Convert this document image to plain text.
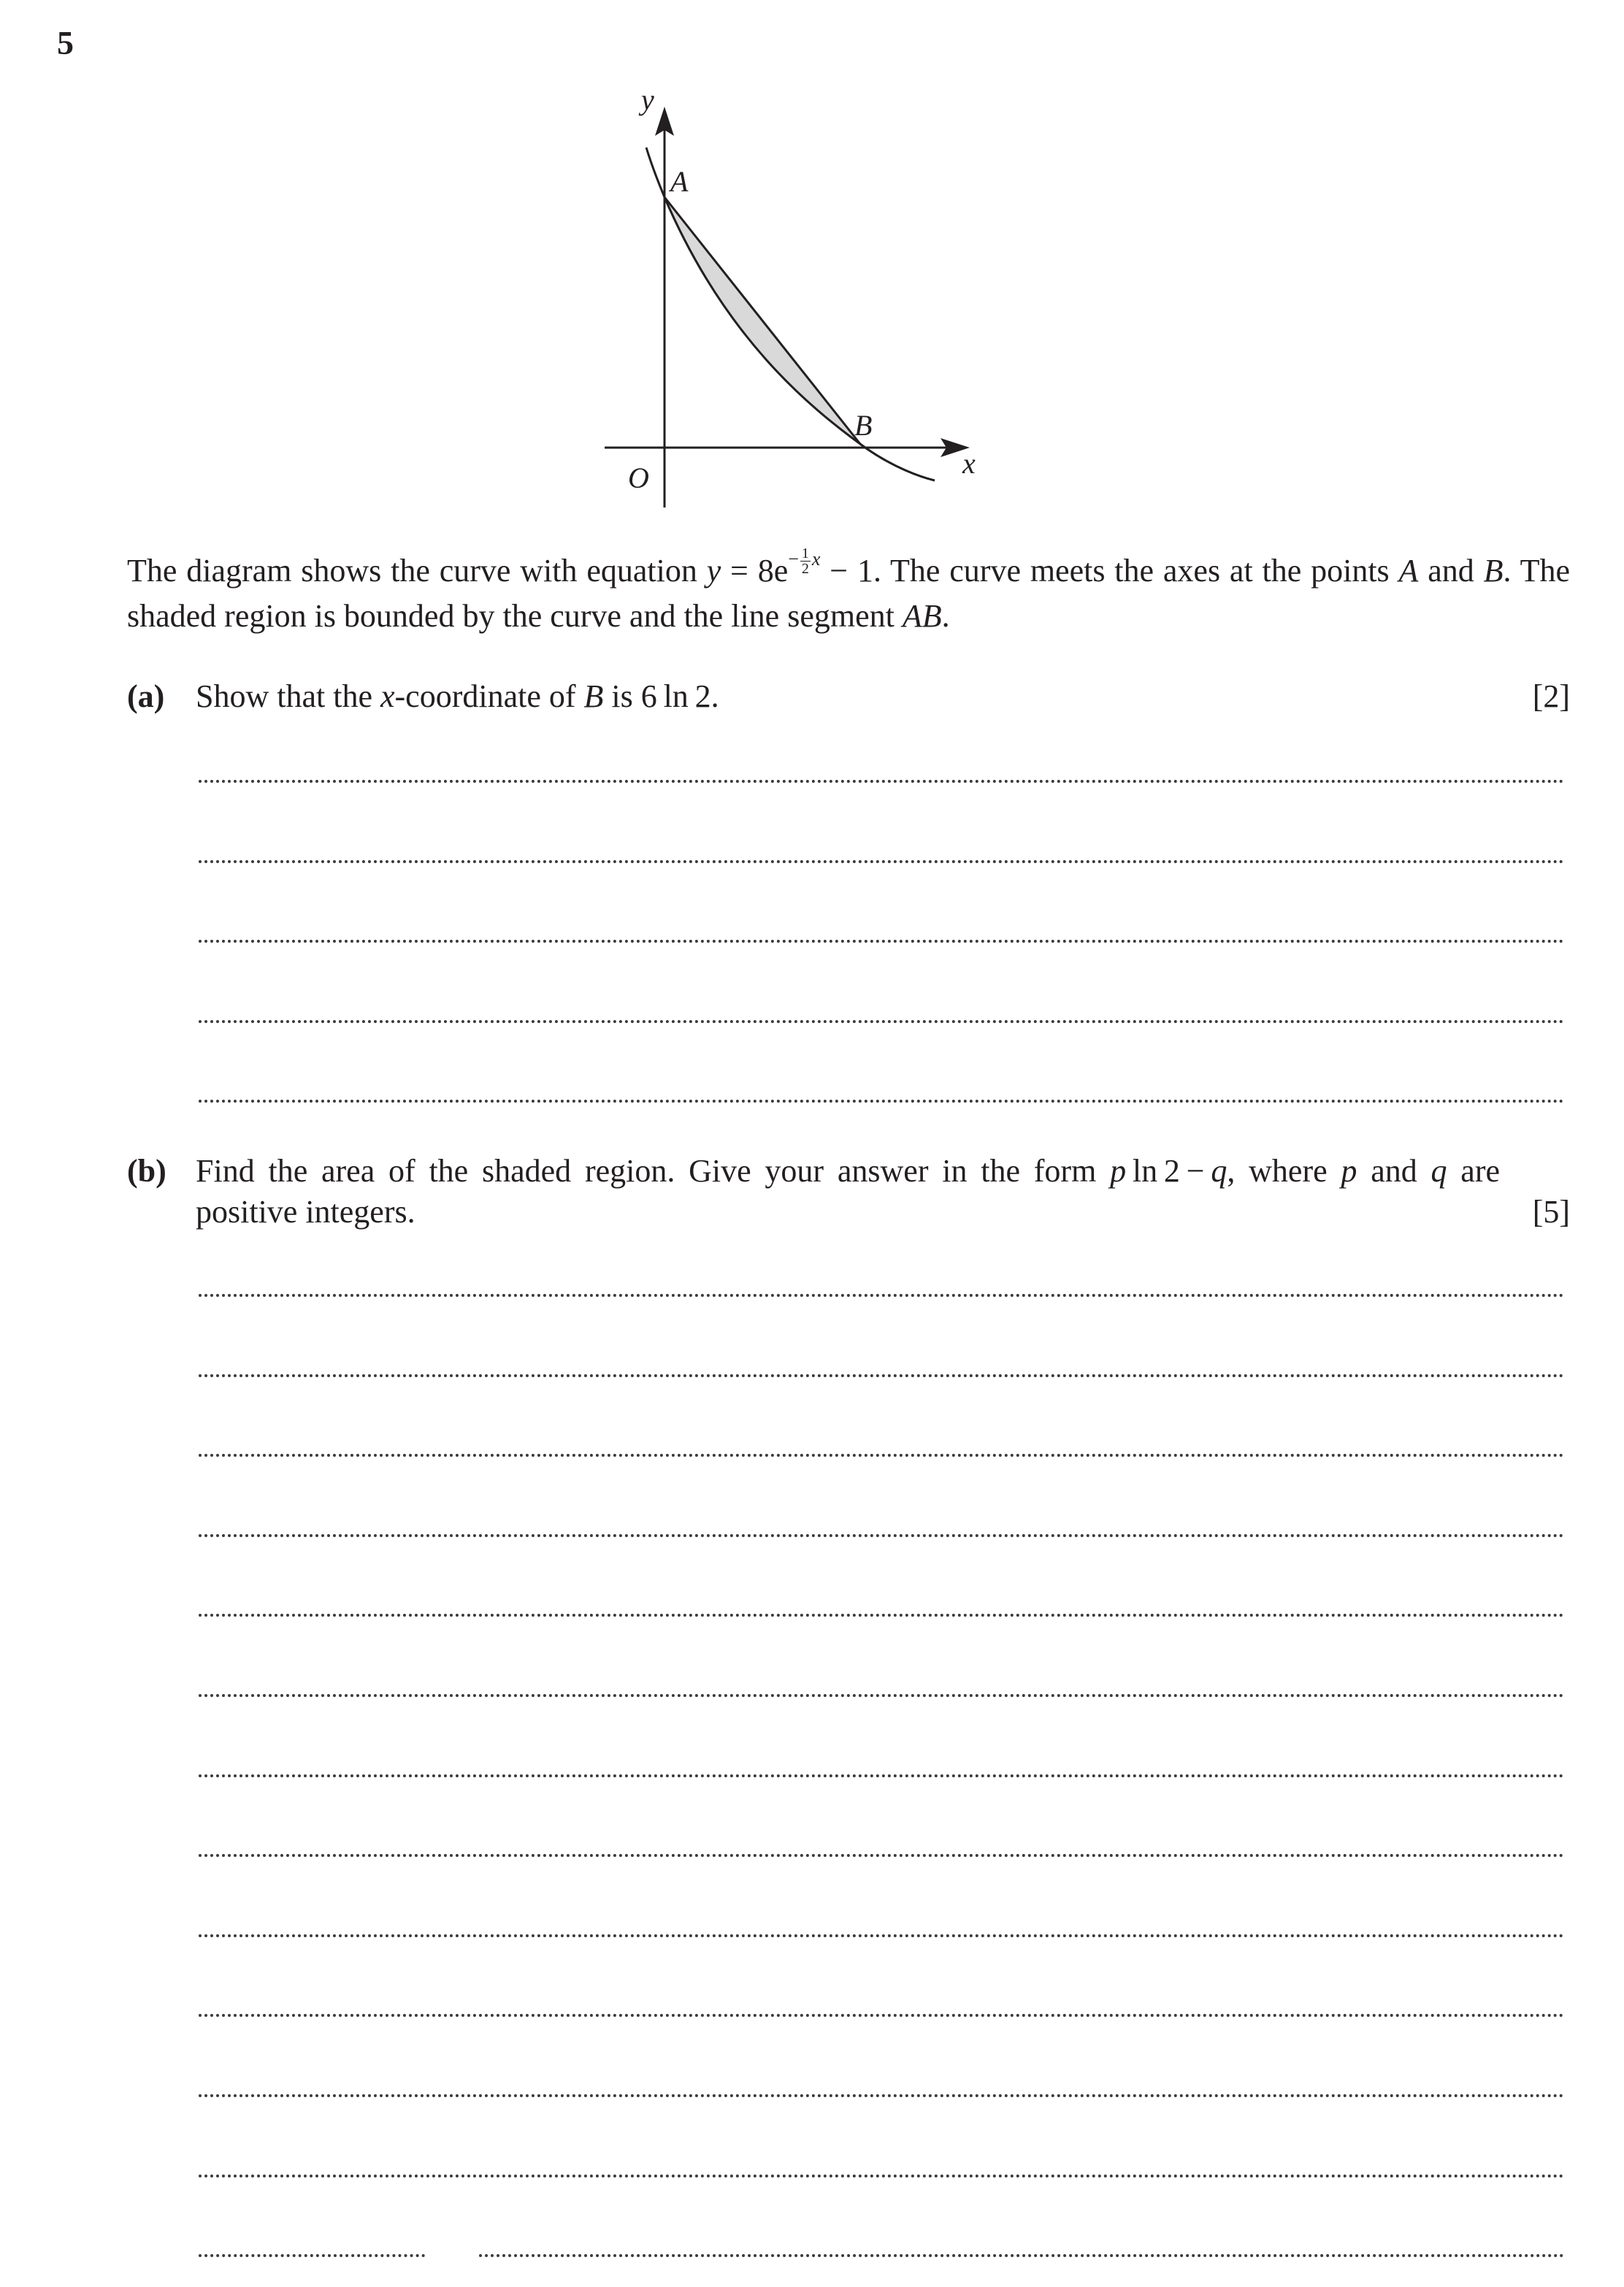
5
y
A
B
O	x
The diagram shows the curve with equation $y = 8e^{- \frac{1}{2} x} - 1$. The curve meets the axes at the points A and B. The shaded region is bounded by the curve and the line segment AB.
(a) Show that the x-coordinate of B is 6 ln 2.	[2]
(b) Find the area of the shaded region. Give your answer in the form p ln 2 − q, where p and q are positive integers.	[5]
